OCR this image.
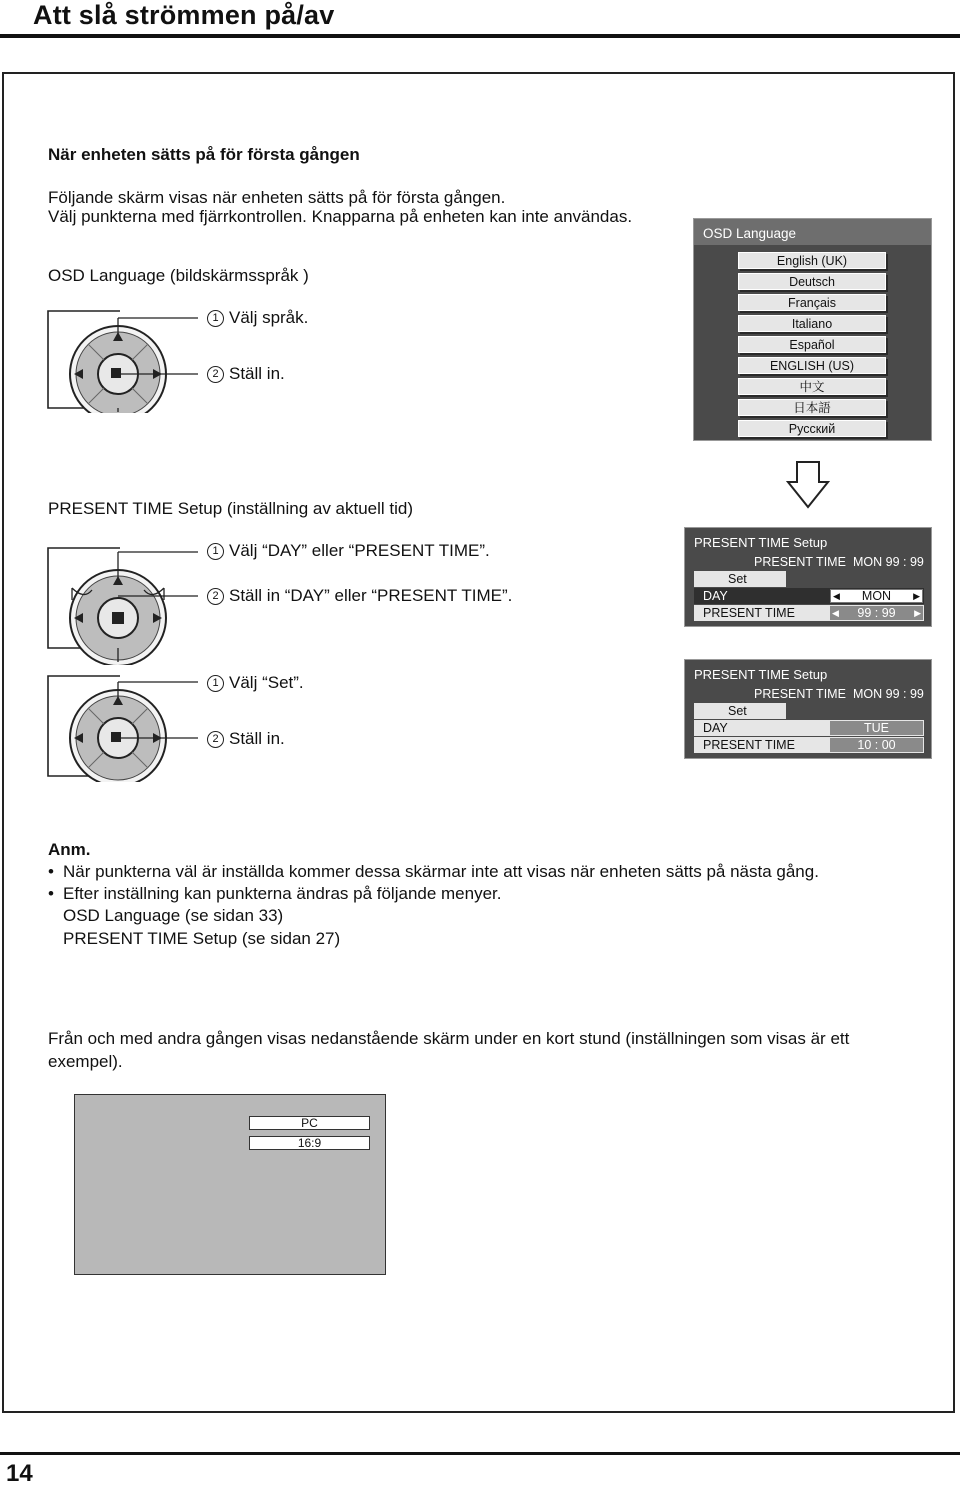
Att slå strömmen på/av
När enheten sätts på för första gången
Följande skärm visas när enheten sätts på för första gången.
Välj punkterna med fjärrkontrollen. Knapparna på enheten kan inte användas.
OSD Language (bildskärmsspråk )
1 Välj språk.
2 Ställ in.
OSD Language
English (UK)
Deutsch
Français
Italiano
Español
ENGLISH (US)
中文
日本語
Русский
PRESENT TIME Setup (inställning av aktuell tid)
1 Välj “DAY” eller “PRESENT TIME”.
2 Ställ in “DAY” eller “PRESENT TIME”.
PRESENT TIME Setup
PRESENT TIME MON 99 : 99
Set
DAY	◀ MON ▶
PRESENT TIME	◀ 99 : 99 ▶
1 Välj “Set”.
2 Ställ in.
PRESENT TIME Setup
PRESENT TIME MON 99 : 99
Set
DAY	TUE
PRESENT TIME	10 : 00
Anm.
• När punkterna väl är inställda kommer dessa skärmar inte att visas när enheten sätts på nästa gång.
• Efter inställning kan punkterna ändras på följande menyer.
OSD Language (se sidan 33)
PRESENT TIME Setup (se sidan 27)
Från och med andra gången visas nedanstående skärm under en kort stund (inställningen som visas är ett
exempel).
PC
16:9
14
